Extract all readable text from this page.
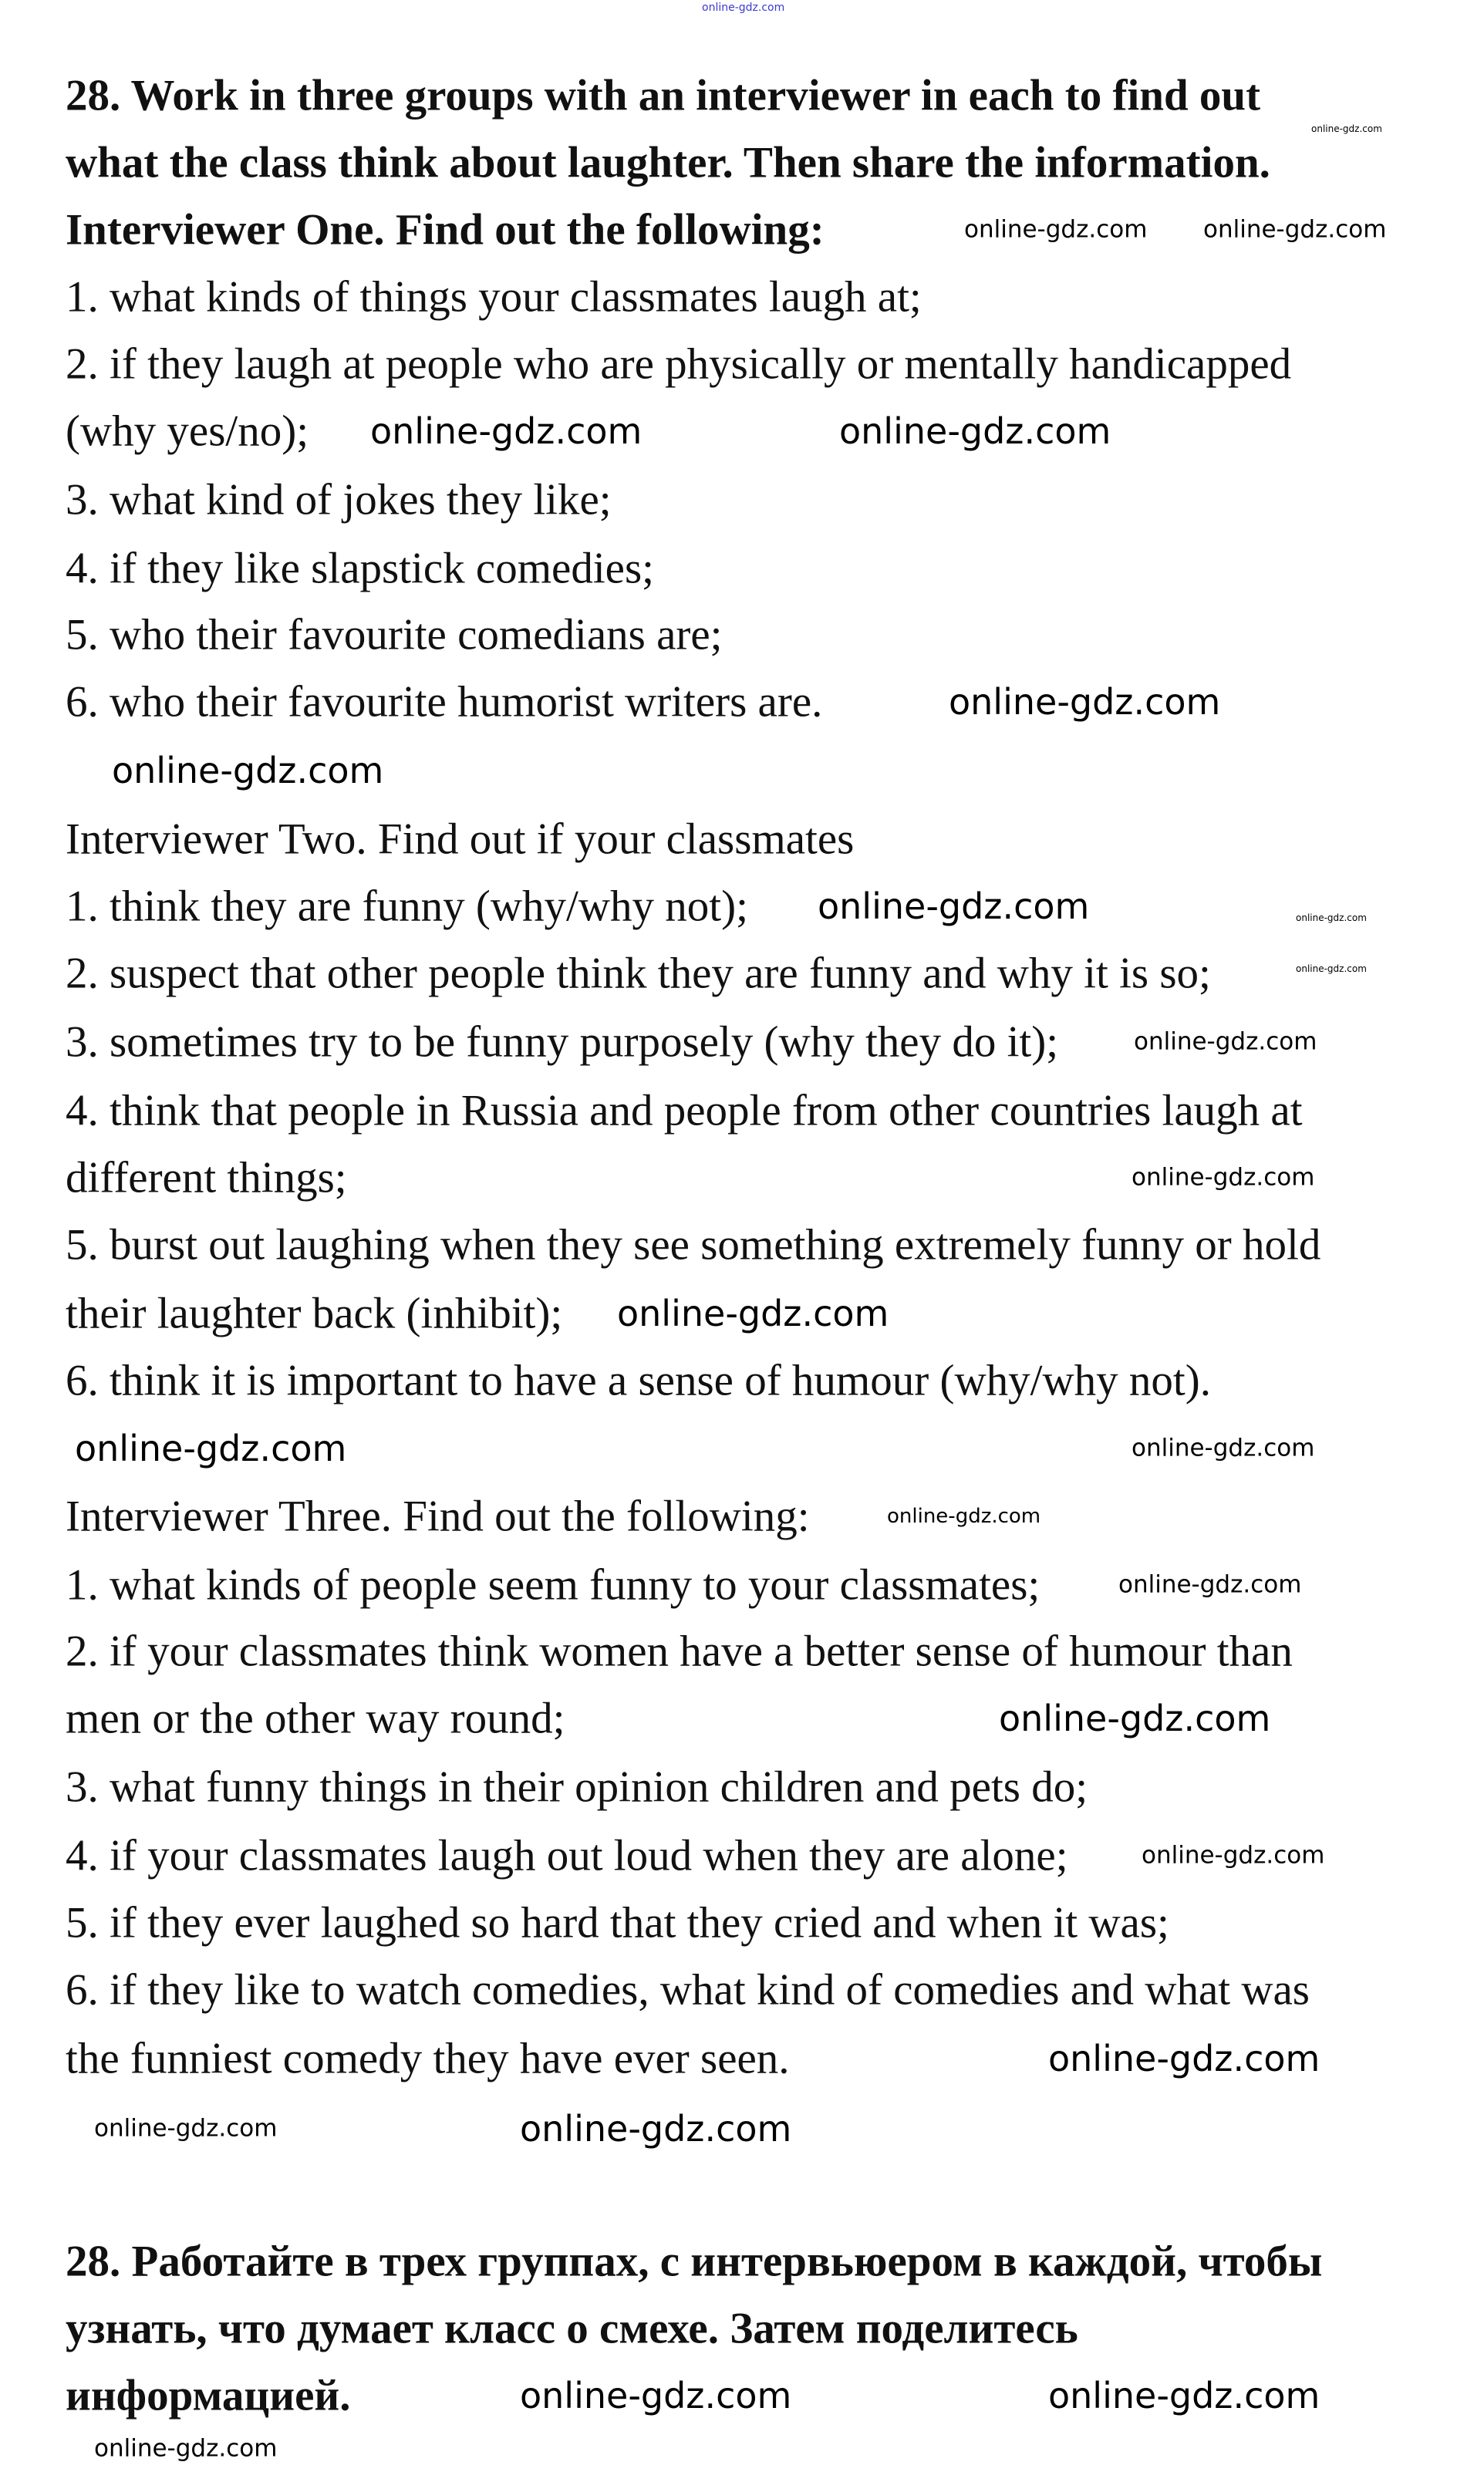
28. Work in three groups with an interviewer in each to find out
what the class think about laughter. Then share the information.
Interviewer One. Find out the following:
1. what kinds of things your classmates laugh at;
2. if they laugh at people who are physically or mentally handicapped
(why yes/no);
3. what kind of jokes they like;
4. if they like slapstick comedies;
5. who their favourite comedians are;
6. who their favourite humorist writers are.
Interviewer Two. Find out if your classmates
1. think they are funny (why/why not);
2. suspect that other people think they are funny and why it is so;
3. sometimes try to be funny purposely (why they do it);
4. think that people in Russia and people from other countries laugh at
different things;
5. burst out laughing when they see something extremely funny or hold
their laughter back (inhibit);
6. think it is important to have a sense of humour (why/why not).
Interviewer Three. Find out the following:
1. what kinds of people seem funny to your classmates;
2. if your classmates think women have a better sense of humour than
men or the other way round;
3. what funny things in their opinion children and pets do;
4. if your classmates laugh out loud when they are alone;
5. if they ever laughed so hard that they cried and when it was;
6. if they like to watch comedies, what kind of comedies and what was
the funniest comedy they have ever seen.
28. Работайте в трех группах, с интервьюером в каждой, чтобы
узнать, что думает класс о смехе. Затем поделитесь
информацией.
online-gdz.com
online-gdz.com
online-gdz.com online-gdz.com
online-gdz.com	online-gdz.com
online-gdz.com
online-gdz.com
online-gdz.com	online-gdz.com
online-gdz.com
online-gdz.com
online-gdz.com
online-gdz.com
online-gdz.com	online-gdz.com
online-gdz.com
online-gdz.com
online-gdz.com
online-gdz.com
online-gdz.com
online-gdz.com	online-gdz.com
online-gdz.com	online-gdz.com
online-gdz.com
